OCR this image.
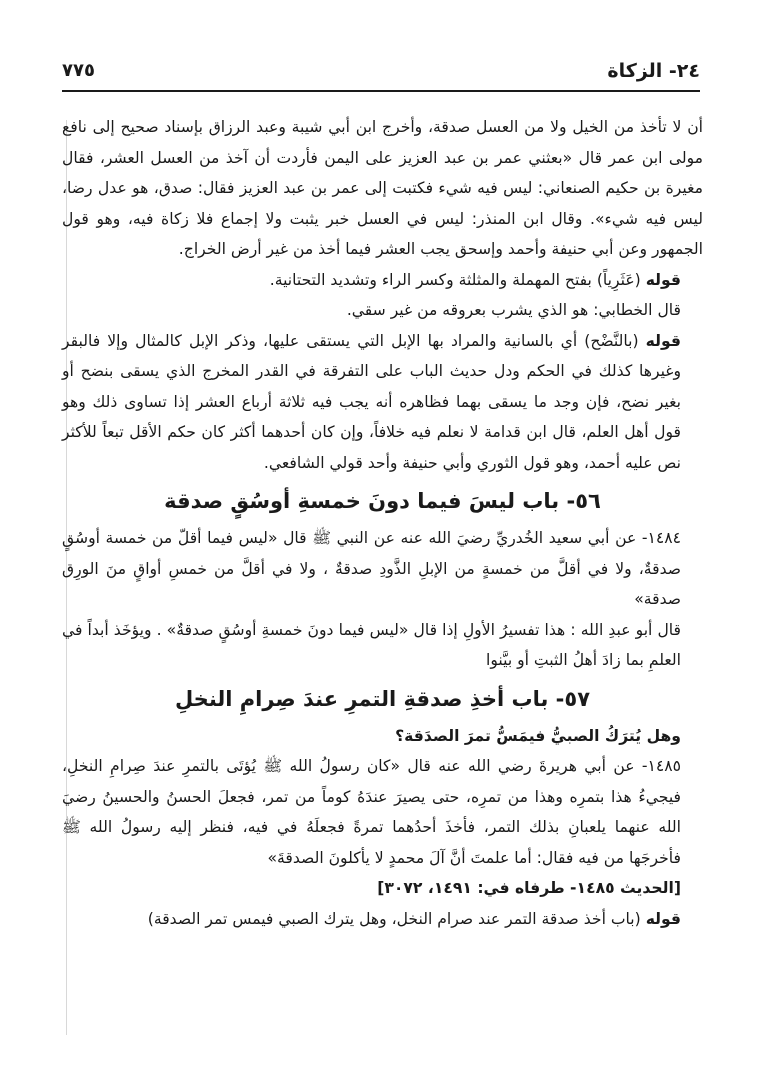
٢٤- الزكاة
٧٧٥

أن لا تأخذ من الخيل ولا من العسل صدقة، وأخرج ابن أبي شيبة وعبد الرزاق بإسناد صحيح إلى نافع مولى ابن عمر قال «بعثني عمر بن عبد العزيز على اليمن فأردت أن آخذ من العسل العشر، فقال مغيرة بن حكيم الصنعاني: ليس فيه شيء فكتبت إلى عمر بن عبد العزيز فقال: صدق، هو عدل رضا، ليس فيه شيء». وقال ابن المنذر: ليس في العسل خبر يثبت ولا إجماع فلا زكاة فيه، وهو قول الجمهور وعن أبي حنيفة وأحمد وإسحق يجب العشر فيما أخذ من غير أرض الخراج.

قوله (عَثَرِياً) بفتح المهملة والمثلثة وكسر الراء وتشديد التحتانية.

قال الخطابي: هو الذي يشرب بعروقه من غير سقي.

قوله (بالنَّضْح) أي بالسانية والمراد بها الإبل التي يستقى عليها، وذكر الإبل كالمثال وإلا فالبقر وغيرها كذلك في الحكم ودل حديث الباب على التفرقة في القدر المخرج الذي يسقى بنضح أو بغير نضح، فإن وجد ما يسقى بهما فظاهره أنه يجب فيه ثلاثة أرباع العشر إذا تساوى ذلك وهو قول أهل العلم، قال ابن قدامة لا نعلم فيه خلافاً، وإن كان أحدهما أكثر كان حكم الأقل تبعاً للأكثر نص عليه أحمد، وهو قول الثوري وأبي حنيفة وأحد قولي الشافعي.

٥٦- باب ليسَ فيما دونَ خمسةِ أوسُقٍ صدقة

١٤٨٤- عن أبي سعيد الخُدريِّ رضيَ الله عنه عن النبي ﷺ قال «ليس فيما أقلّ من خمسة أوسُقٍ صدقةٌ، ولا في أقلَّ من خمسةٍ من الإبلِ الذَّودِ صدقةٌ ، ولا في أقلَّ من خمسِ أواقٍ منَ الورِق صدقة»

قال أبو عبدِ الله : هذا تفسيرُ الأولِ إذا قال «ليس فيما دونَ خمسةِ أوسُقٍ صدقةٌ» . ويؤخَذ أبداً في العلمِ بما زادَ أهلُ الثبتِ أو بيَّنوا

٥٧- باب أخذِ صدقةِ التمرِ عندَ صِرامِ النخلِ

وهل يُترَكُ الصبيُّ فيمَسُّ تمرَ الصدَقة؟

١٤٨٥- عن أبي هريرةَ رضي الله عنه قال «كان رسولُ الله ﷺ يُؤتَى بالتمرِ عندَ صِرامِ النخلِ، فيجيءُ هذا بتمرِه وهذا من تمرِه، حتى يصيرَ عندَهُ كوماً من تمر، فجعلَ الحسنُ والحسينُ رضيَ الله عنهما يلعبانِ بذلك التمر، فأخذَ أحدُهما تمرةً فجعلَهُ في فيه، فنظر إليه رسولُ الله ﷺ فأخرجَها من فيه فقال: أما علمتَ أنَّ آلَ محمدٍ لا يأكلونَ الصدقةَ»

[الحديث ١٤٨٥- طرفاه في: ١٤٩١، ٣٠٧٢]

قوله (باب أخذ صدقة التمر عند صرام النخل، وهل يترك الصبي فيمس تمر الصدقة)
